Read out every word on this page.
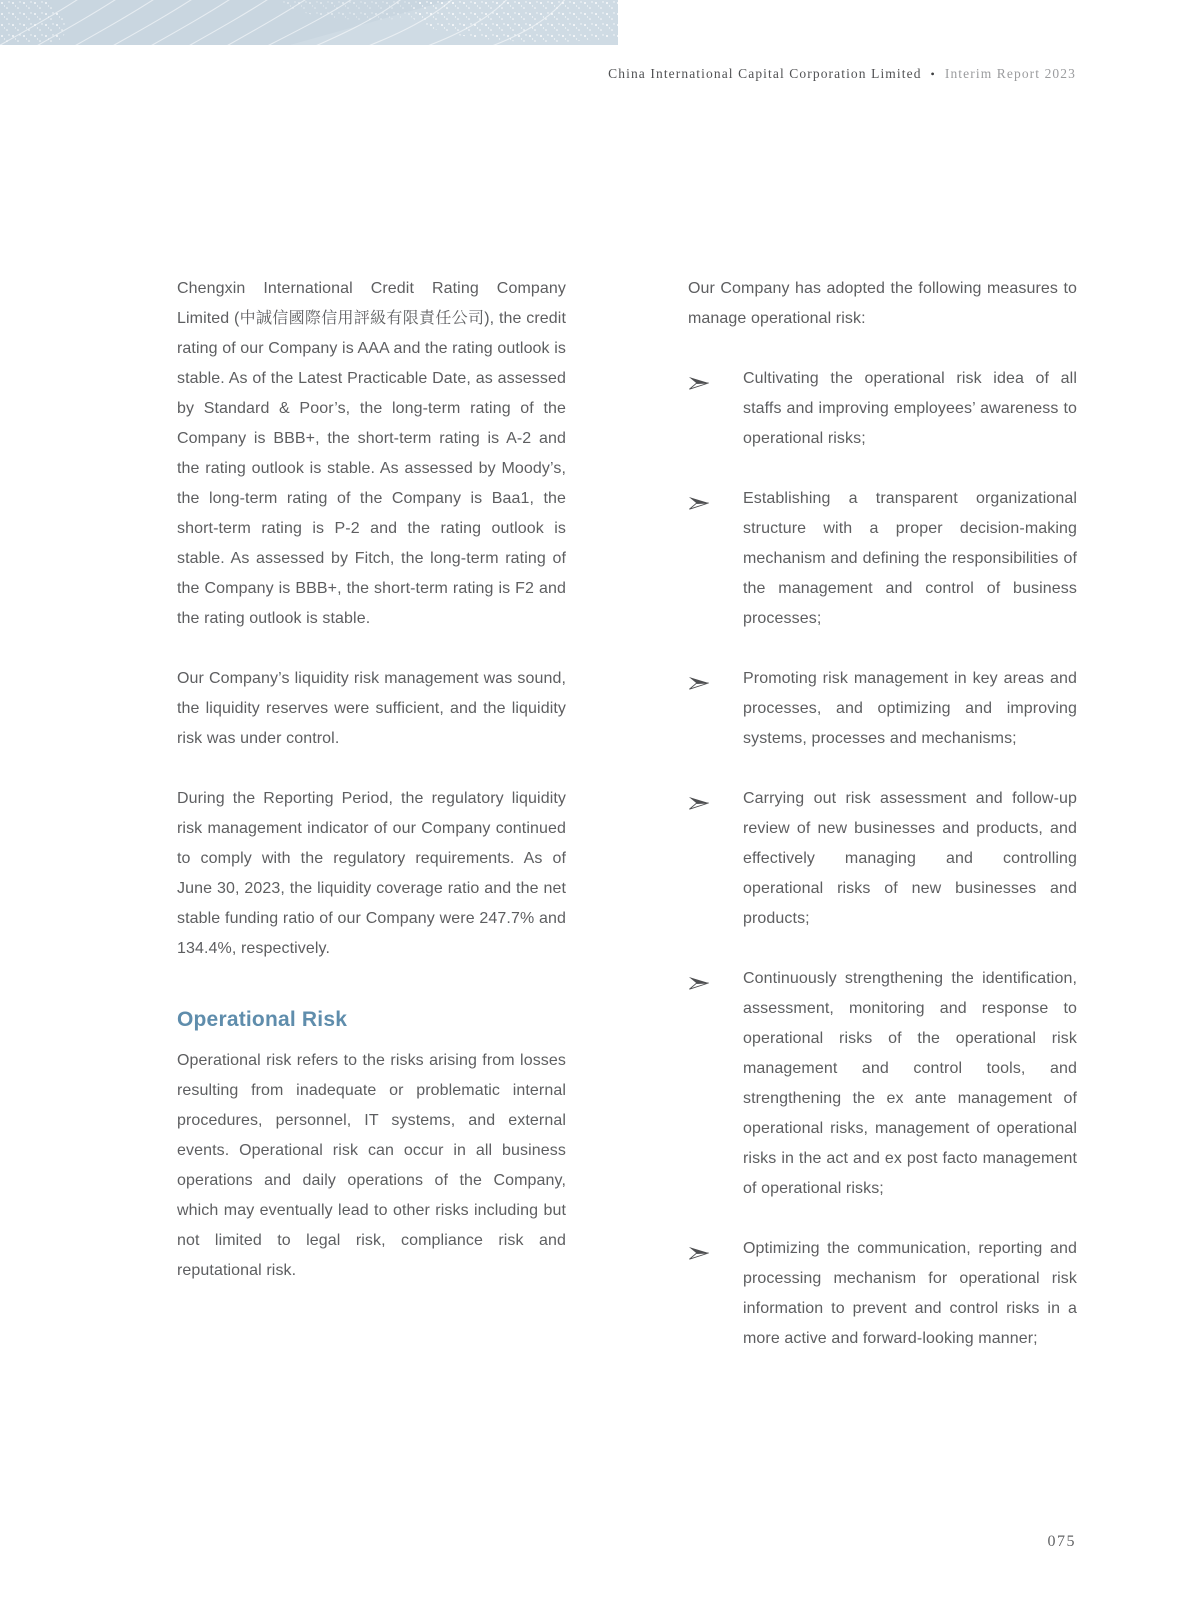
China International Capital Corporation Limited • Interim Report 2023

Chengxin International Credit Rating Company Limited (中誠信國際信用評級有限責任公司), the credit rating of our Company is AAA and the rating outlook is stable. As of the Latest Practicable Date, as assessed by Standard & Poor’s, the long-term rating of the Company is BBB+, the short-term rating is A-2 and the rating outlook is stable. As assessed by Moody’s, the long-term rating of the Company is Baa1, the short-term rating is P-2 and the rating outlook is stable. As assessed by Fitch, the long-term rating of the Company is BBB+, the short-term rating is F2 and the rating outlook is stable.

Our Company’s liquidity risk management was sound, the liquidity reserves were sufficient, and the liquidity risk was under control.

During the Reporting Period, the regulatory liquidity risk management indicator of our Company continued to comply with the regulatory requirements. As of June 30, 2023, the liquidity coverage ratio and the net stable funding ratio of our Company were 247.7% and 134.4%, respectively.

Operational Risk

Operational risk refers to the risks arising from losses resulting from inadequate or problematic internal procedures, personnel, IT systems, and external events. Operational risk can occur in all business operations and daily operations of the Company, which may eventually lead to other risks including but not limited to legal risk, compliance risk and reputational risk.

Our Company has adopted the following measures to manage operational risk:

Cultivating the operational risk idea of all staffs and improving employees’ awareness to operational risks;
Establishing a transparent organizational structure with a proper decision-making mechanism and defining the responsibilities of the management and control of business processes;
Promoting risk management in key areas and processes, and optimizing and improving systems, processes and mechanisms;
Carrying out risk assessment and follow-up review of new businesses and products, and effectively managing and controlling operational risks of new businesses and products;
Continuously strengthening the identification, assessment, monitoring and response to operational risks of the operational risk management and control tools, and strengthening the ex ante management of operational risks, management of operational risks in the act and ex post facto management of operational risks;
Optimizing the communication, reporting and processing mechanism for operational risk information to prevent and control risks in a more active and forward-looking manner;
075
